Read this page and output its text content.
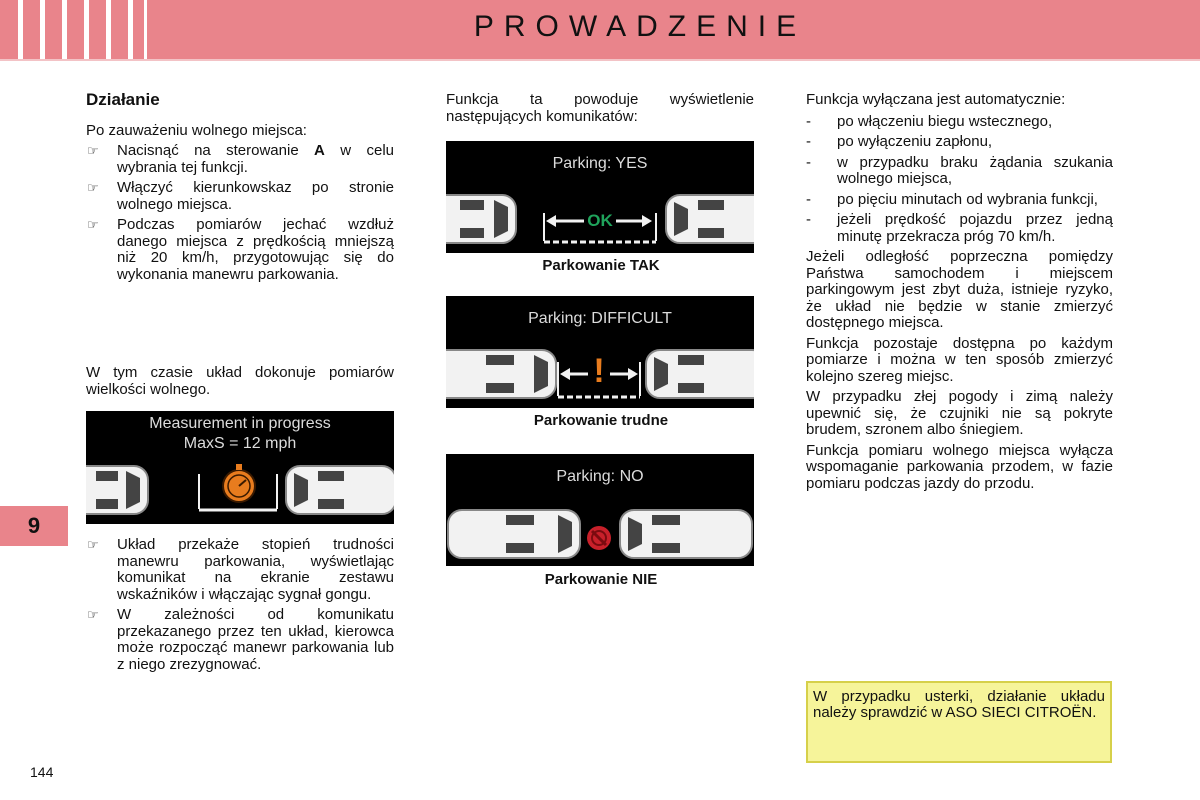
PROWADZENIE
9
144

Działanie

Po zauważeniu wolnego miejsca:

☞ Nacisnąć na sterowanie A w celu wybrania tej funkcji.
☞ Włączyć kierunkowskaz po stronie wolnego miejsca.
☞ Podczas pomiarów jechać wzdłuż danego miejsca z prędkością mniejszą niż 20 km/h, przygotowując się do wykonania manewru parkowania.
W tym czasie układ dokonuje pomiarów wielkości wolnego.
Measurement in progress
MaxS = 12 mph
☞ Układ przekaże stopień trudności manewru parkowania, wyświetlając komunikat na ekranie zestawu wskaźników i włączając sygnał gongu.
☞ W zależności od komunikatu przekazanego przez ten układ, kierowca może rozpocząć manewr parkowania lub z niego zrezygnować.
Funkcja ta powoduje wyświetlenie następujących komunikatów:
Parking: YES
OK
Parkowanie TAK
Parking: DIFFICULT
!
Parkowanie trudne
Parking: NO
Parkowanie NIE

Funkcja wyłączana jest automatycznie:

- po włączeniu biegu wstecznego,
- po wyłączeniu zapłonu,
- w przypadku braku żądania szukania wolnego miejsca,
- po pięciu minutach od wybrania funkcji,
- jeżeli prędkość pojazdu przez jedną minutę przekracza próg 70 km/h.

Jeżeli odległość poprzeczna pomiędzy Państwa samochodem i miejscem parkingowym jest zbyt duża, istnieje ryzyko, że układ nie będzie w stanie zmierzyć dostępnego miejsca.

Funkcja pozostaje dostępna po każdym pomiarze i można w ten sposób zmierzyć kolejno szereg miejsc.

W przypadku złej pogody i zimą należy upewnić się, że czujniki nie są pokryte brudem, szronem albo śniegiem.

Funkcja pomiaru wolnego miejsca wyłącza wspomaganie parkowania przodem, w fazie pomiaru podczas jazdy do przodu.

W przypadku usterki, działanie układu należy sprawdzić w ASO SIECI CITROËN.
